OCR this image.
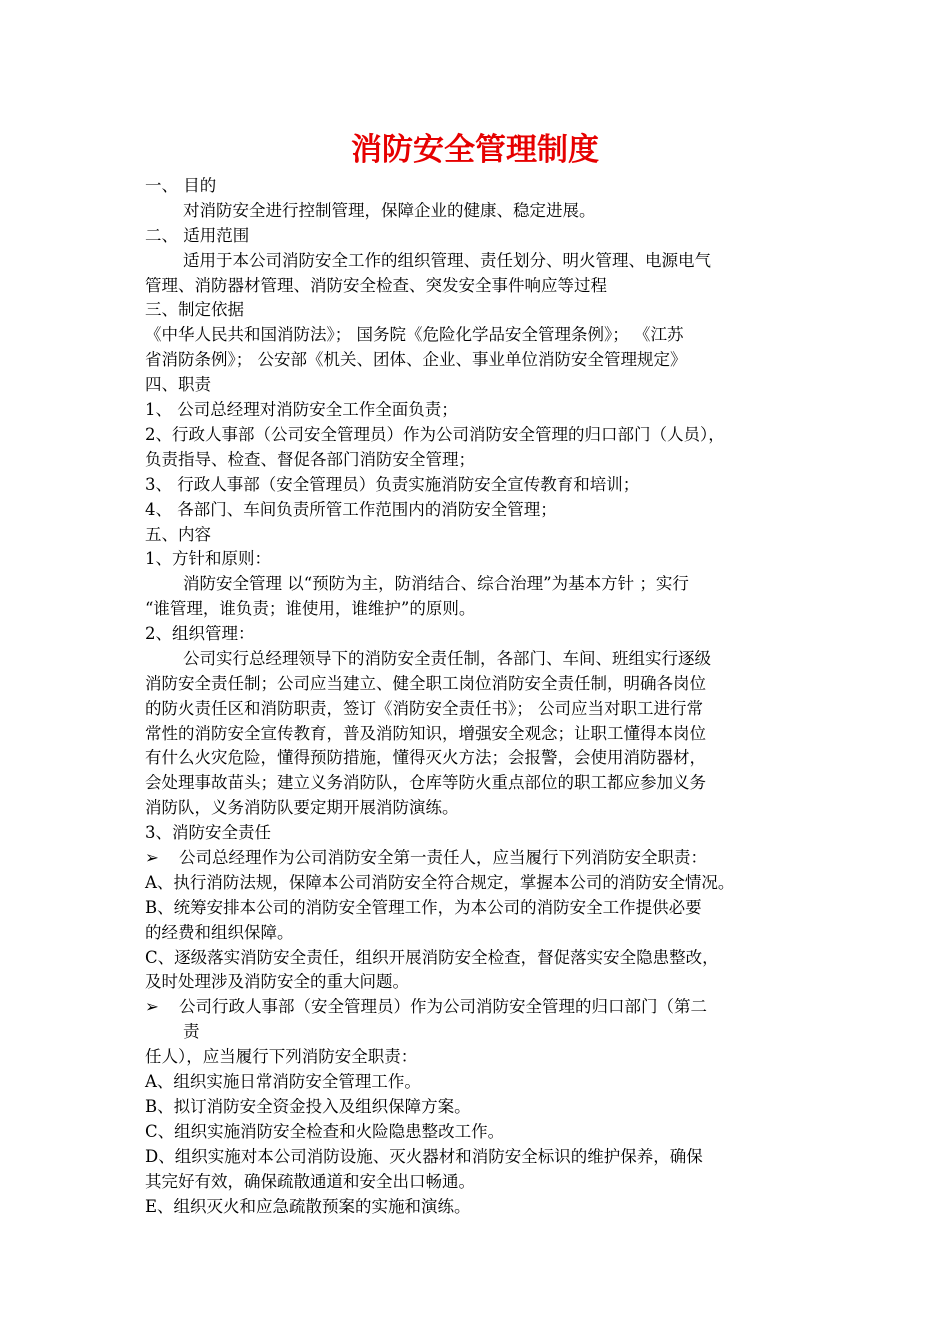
消防安全管理制度
一、 目的
对消防安全进行控制管理，保障企业的健康、稳定进展。
二、 适用范围
适用于本公司消防安全工作的组织管理、责任划分、明火管理、电源电气
管理、消防器材管理、消防安全检查、突发安全事件响应等过程
三、制定依据
《中华人民共和国消防法》； 国务院《危险化学品安全管理条例》； 《江苏
省消防条例》； 公安部《机关、团体、企业、事业单位消防安全管理规定》
四、职责
1、 公司总经理对消防安全工作全面负责；
2、行政人事部（公司安全管理员）作为公司消防安全管理的归口部门（人员），
负责指导、检查、督促各部门消防安全管理；
3、 行政人事部（安全管理员）负责实施消防安全宣传教育和培训；
4、 各部门、车间负责所管工作范围内的消防安全管理；
五、内容
1、方针和原则：
消防安全管理 以“预防为主，防消结合、综合治理”为基本方针 ；实行
“谁管理，谁负责；谁使用，谁维护”的原则。
2、组织管理：
公司实行总经理领导下的消防安全责任制，各部门、车间、班组实行逐级
消防安全责任制；公司应当建立、健全职工岗位消防安全责任制，明确各岗位
的防火责任区和消防职责，签订《消防安全责任书》； 公司应当对职工进行常
常性的消防安全宣传教育，普及消防知识，增强安全观念；让职工懂得本岗位
有什么火灾危险，懂得预防措施，懂得灭火方法；会报警，会使用消防器材，
会处理事故苗头；建立义务消防队，仓库等防火重点部位的职工都应参加义务
消防队，义务消防队要定期开展消防演练。
3、消防安全责任
➢ 公司总经理作为公司消防安全第一责任人，应当履行下列消防安全职责：
A、执行消防法规，保障本公司消防安全符合规定，掌握本公司的消防安全情况。
B、统筹安排本公司的消防安全管理工作，为本公司的消防安全工作提供必要
的经费和组织保障。
C、逐级落实消防安全责任，组织开展消防安全检查，督促落实安全隐患整改，
及时处理涉及消防安全的重大问题。
➢ 公司行政人事部（安全管理员）作为公司消防安全管理的归口部门（第二
责
任人），应当履行下列消防安全职责：
A、组织实施日常消防安全管理工作。
B、拟订消防安全资金投入及组织保障方案。
C、组织实施消防安全检查和火险隐患整改工作。
D、组织实施对本公司消防设施、灭火器材和消防安全标识的维护保养，确保
其完好有效，确保疏散通道和安全出口畅通。
E、组织灭火和应急疏散预案的实施和演练。
